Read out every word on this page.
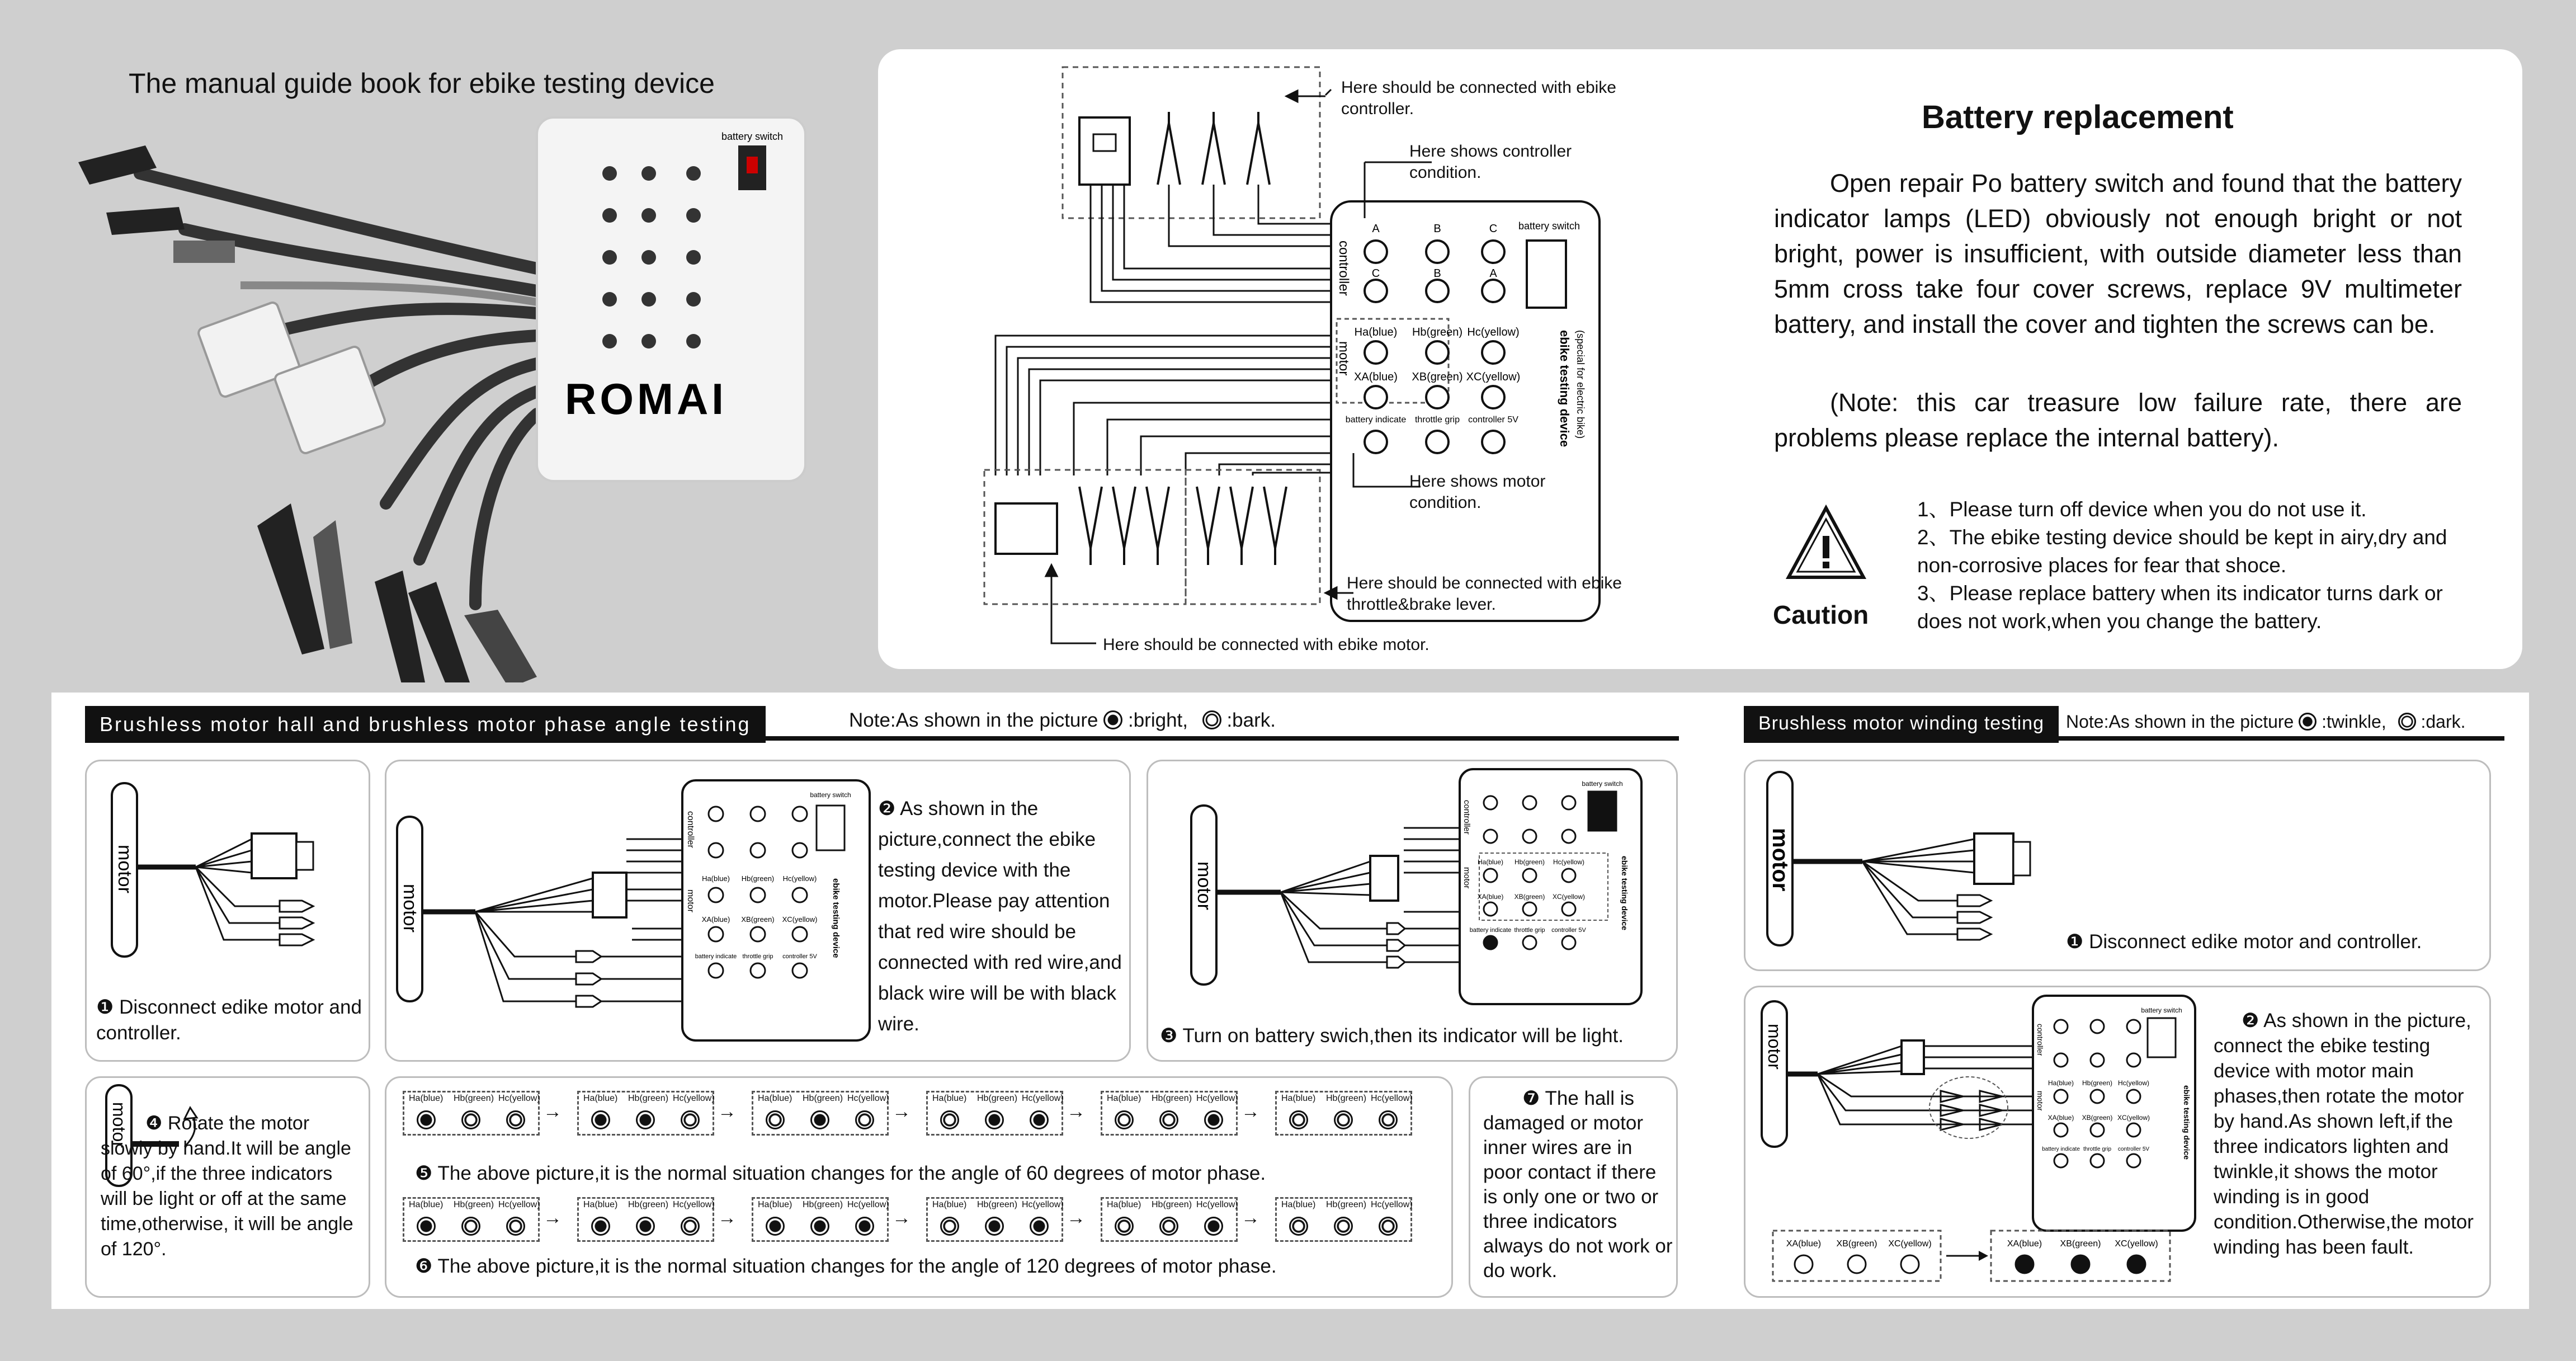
The manual guide book for ebike testing device
battery switch
ROMAI
A	B	C
C	B	A
Ha(blue) Hb(green) Hc(yellow)
XA(blue) XB(green) XC(yellow)
battery indicate throttle grip controller 5V
battery switch
controller
motor	(special for electric bike)
ebike testing device
Here should be connected with ebike controller.
Here shows controller condition.
Here shows motor condition.
Here should be connected with ebike throttle&brake lever.
Here should be connected with ebike motor.
Battery replacement
Open repair Po battery switch and found that the battery indicator lamps (LED) obviously not enough bright or not bright, power is insufficient, with outside diameter less than 5mm cross take four cover screws, replace 9V multimeter battery, and install the cover and tighten the screws can be.
(Note: this car treasure low failure rate, there are problems please replace the internal battery).
Caution
1、Please turn off device when you do not use it.
2、The ebike testing device should be kept in airy,dry and non-corrosive places for fear that shoce.
3、Please replace battery when its indicator turns dark or does not work,when you change the battery.
Brushless motor hall and brushless motor phase angle testing	Note:As shown in the picture :bright, :bark.	Brushless motor winding testing	Note:As shown in the picture :twinkle, :dark.
motor
❶ Disconnect edike motor and controller.
motor
Ha(blue) Hb(green) Hc(yellow)
XA(blue) XB(green) XC(yellow)
battery indicate throttle grip controller 5V
battery switch
controller
motor	ebike testing device
❷ As shown in the picture,connect the ebike testing device with the motor.Please pay attention that red wire should be connected with red wire,and black wire will be with black wire.
motor	Ha(blue) Hb(green) Hc(yellow)
XA(blue) XB(green) XC(yellow)
battery indicate throttle grip controller 5V
battery switch
controller
motor	ebike testing device
❸ Turn on battery swich,then its indicator will be light.
motor ❹ Rotate the motor slowly by hand.It will be angle of 60°,if the three indicators will be light or off at the same time,otherwise, it will be angle of 120°.
Ha(blue) Hb(green) Hc(yellow)
→
Ha(blue) Hb(green) Hc(yellow)
→
Ha(blue) Hb(green) Hc(yellow)
→
Ha(blue) Hb(green) Hc(yellow)
→
Ha(blue) Hb(green) Hc(yellow)
→
Ha(blue) Hb(green) Hc(yellow)
❺ The above picture,it is the normal situation changes for the angle of 60 degrees of motor phase.
Ha(blue) Hb(green) Hc(yellow)
→
Ha(blue) Hb(green) Hc(yellow)
→
Ha(blue) Hb(green) Hc(yellow)
→
Ha(blue) Hb(green) Hc(yellow)
→
Ha(blue) Hb(green) Hc(yellow)
→
Ha(blue) Hb(green) Hc(yellow)
❻ The above picture,it is the normal situation changes for the angle of 120 degrees of motor phase.
❼ The hall is damaged or motor inner wires are in poor contact if there is only one or two or three indicators always do not work or do work.
motor
❶ Disconnect edike motor and controller.
motor
Ha(blue) Hb(green) Hc(yellow)
XA(blue) XB(green) XC(yellow)
battery indicate throttle grip controller 5V
battery switch
controller
motor	ebike testing device
XA(blue) XB(green) XC(yellow)	XA(blue) XB(green) XC(yellow)
❷ As shown in the picture, connect the ebike testing device with motor main phases,then rotate the motor by hand.As shown left,if the three indicators lighten and twinkle,it shows the motor winding is in good condition.Otherwise,the motor winding has been fault.
